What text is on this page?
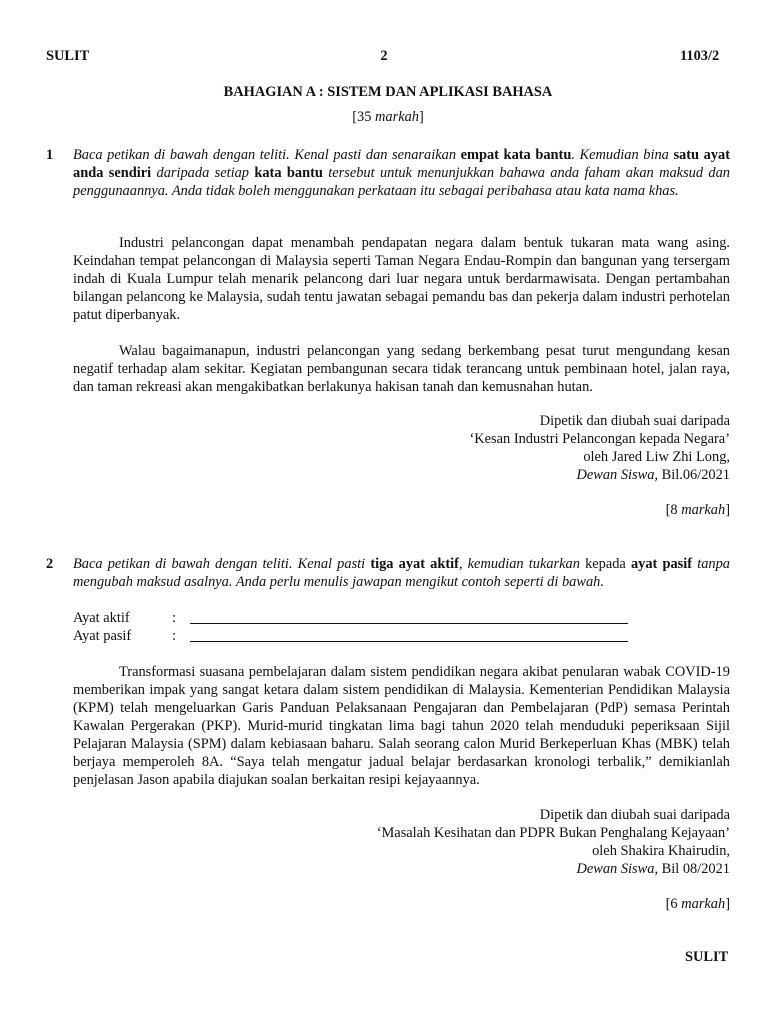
SULIT	2	1103/2
BAHAGIAN A : SISTEM DAN APLIKASI BAHASA
[35 markah]
1 Baca petikan di bawah dengan teliti. Kenal pasti dan senaraikan empat kata bantu. Kemudian bina satu ayat anda sendiri daripada setiap kata bantu tersebut untuk menunjukkan bahawa anda faham akan maksud dan penggunaannya. Anda tidak boleh menggunakan perkataan itu sebagai peribahasa atau kata nama khas.

Industri pelancongan dapat menambah pendapatan negara dalam bentuk tukaran mata wang asing. Keindahan tempat pelancongan di Malaysia seperti Taman Negara Endau-Rompin dan bangunan yang tersergam indah di Kuala Lumpur telah menarik pelancong dari luar negara untuk berdarmawisata. Dengan pertambahan bilangan pelancong ke Malaysia, sudah tentu jawatan sebagai pemandu bas dan pekerja dalam industri perhotelan patut diperbanyak.

Walau bagaimanapun, industri pelancongan yang sedang berkembang pesat turut mengundang kesan negatif terhadap alam sekitar. Kegiatan pembangunan secara tidak terancang untuk pembinaan hotel, jalan raya, dan taman rekreasi akan mengakibatkan berlakunya hakisan tanah dan kemusnahan hutan.

Dipetik dan diubah suai daripada
‘Kesan Industri Pelancongan kepada Negara’
oleh Jared Liw Zhi Long,
Dewan Siswa, Bil.06/2021
[8 markah]
2 Baca petikan di bawah dengan teliti. Kenal pasti tiga ayat aktif, kemudian tukarkan kepada ayat pasif tanpa mengubah maksud asalnya. Anda perlu menulis jawapan mengikut contoh seperti di bawah.

Ayat aktif	:
Ayat pasif	:

Transformasi suasana pembelajaran dalam sistem pendidikan negara akibat penularan wabak COVID-19 memberikan impak yang sangat ketara dalam sistem pendidikan di Malaysia. Kementerian Pendidikan Malaysia (KPM) telah mengeluarkan Garis Panduan Pelaksanaan Pengajaran dan Pembelajaran (PdP) semasa Perintah Kawalan Pergerakan (PKP). Murid-murid tingkatan lima bagi tahun 2020 telah menduduki peperiksaan Sijil Pelajaran Malaysia (SPM) dalam kebiasaan baharu. Salah seorang calon Murid Berkeperluan Khas (MBK) telah berjaya memperoleh 8A. “Saya telah mengatur jadual belajar berdasarkan kronologi terbalik,” demikianlah penjelasan Jason apabila diajukan soalan berkaitan resipi kejayaannya.

Dipetik dan diubah suai daripada
‘Masalah Kesihatan dan PDPR Bukan Penghalang Kejayaan’
oleh Shakira Khairudin,
Dewan Siswa, Bil 08/2021
[6 markah]
SULIT
